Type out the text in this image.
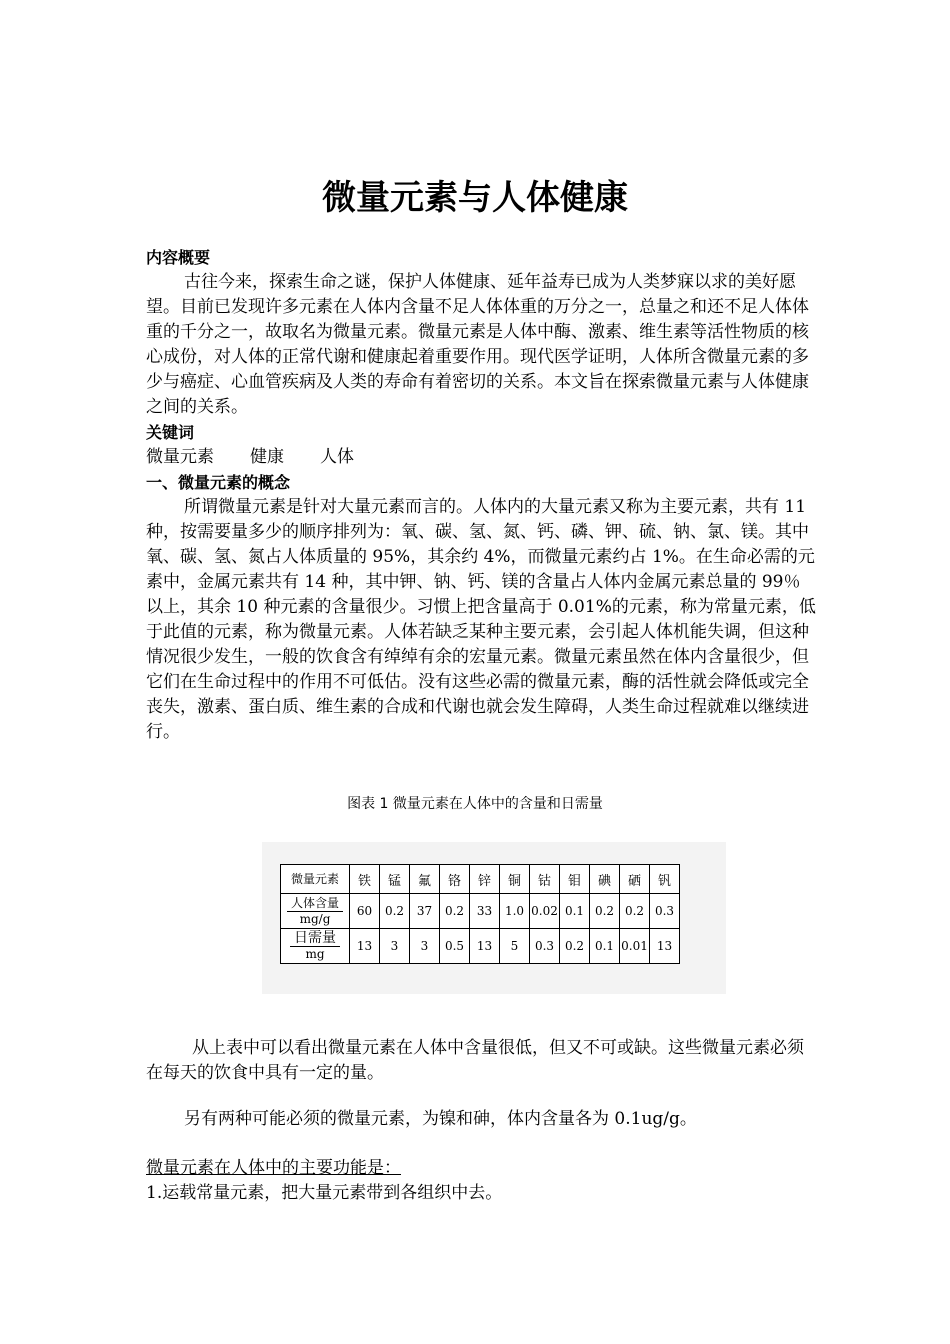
微量元素与人体健康
内容概要
古往今来，探索生命之谜，保护人体健康、延年益寿已成为人类梦寐以求的美好愿望。目前已发现许多元素在人体内含量不足人体体重的万分之一，总量之和还不足人体体重的千分之一，故取名为微量元素。微量元素是人体中酶、激素、维生素等活性物质的核心成份，对人体的正常代谢和健康起着重要作用。现代医学证明，人体所含微量元素的多少与癌症、心血管疾病及人类的寿命有着密切的关系。本文旨在探索微量元素与人体健康之间的关系。
关键词
微量元素 健康 人体
一、微量元素的概念
所谓微量元素是针对大量元素而言的。人体内的大量元素又称为主要元素，共有 11 种，按需要量多少的顺序排列为：氧、碳、氢、氮、钙、磷、钾、硫、钠、氯、镁。其中氧、碳、氢、氮占人体质量的 95%，其余约 4%，而微量元素约占 1%。在生命必需的元素中，金属元素共有 14 种，其中钾、钠、钙、镁的含量占人体内金属元素总量的 99％以上，其余 10 种元素的含量很少。习惯上把含量高于 0.01%的元素，称为常量元素，低于此值的元素，称为微量元素。人体若缺乏某种主要元素，会引起人体机能失调，但这种情况很少发生，一般的饮食含有绰绰有余的宏量元素。微量元素虽然在体内含量很少，但它们在生命过程中的作用不可低估。没有这些必需的微量元素，酶的活性就会降低或完全丧失，激素、蛋白质、维生素的合成和代谢也就会发生障碍，人类生命过程就难以继续进行。
图表 1 微量元素在人体中的含量和日需量
微量元素	铁	锰	氟	铬	锌	铜	钴	钼	碘	硒	钒

$\frac{\text{人体含量}}{mg/g}$	60	0.2	37	0.2	33	1.0	0.02	0.1	0.2	0.2	0.3

$\frac{\text{日需量}}{mg}$	13	3	3	0.5	13	5	0.3	0.2	0.1	0.01	13
从上表中可以看出微量元素在人体中含量很低，但又不可或缺。这些微量元素必须在每天的饮食中具有一定的量。
另有两种可能必须的微量元素，为镍和砷，体内含量各为 0.1ug/g。
微量元素在人体中的主要功能是：
1.运载常量元素，把大量元素带到各组织中去。
